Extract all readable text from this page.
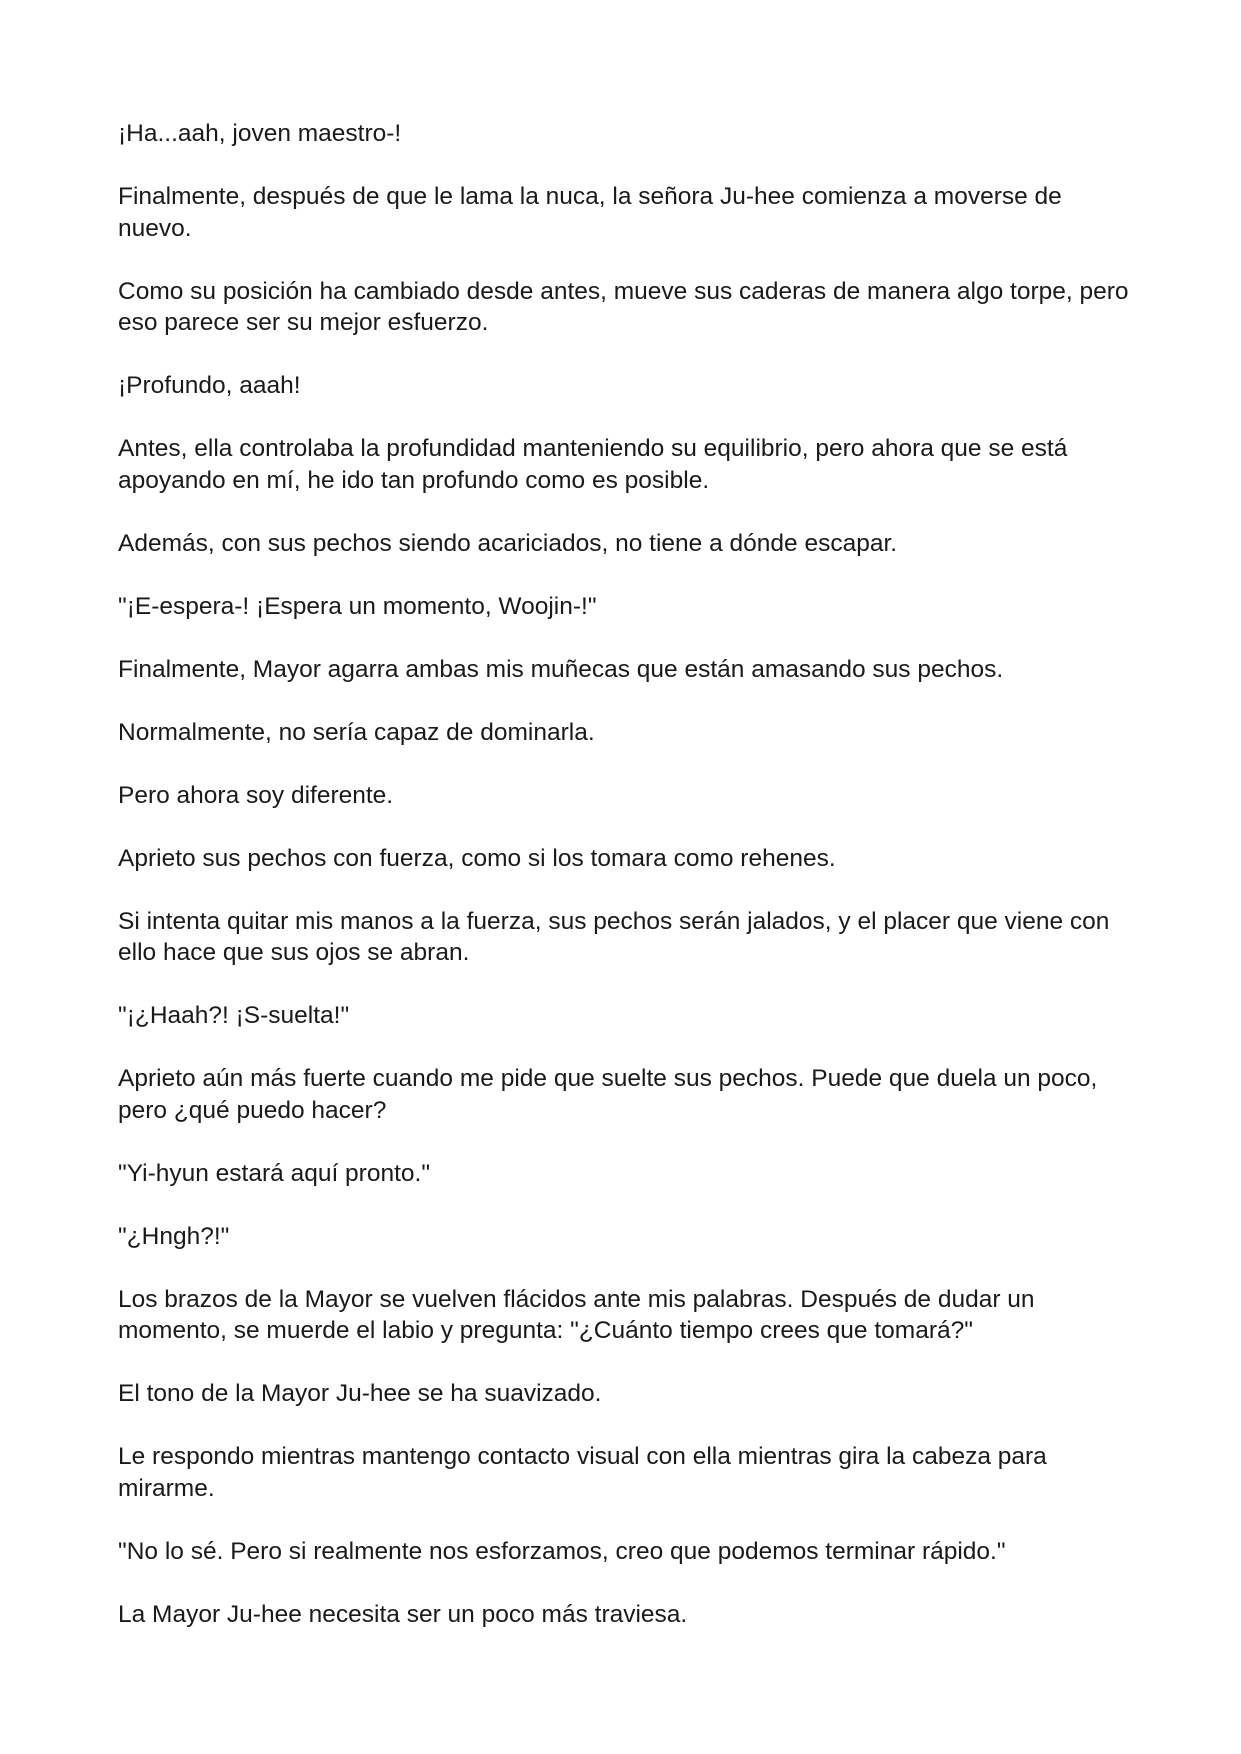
¡Ha...aah, joven maestro-!

Finalmente, después de que le lama la nuca, la señora Ju-hee comienza a moverse de nuevo.

Como su posición ha cambiado desde antes, mueve sus caderas de manera algo torpe, pero eso parece ser su mejor esfuerzo.

¡Profundo, aaah!

Antes, ella controlaba la profundidad manteniendo su equilibrio, pero ahora que se está apoyando en mí, he ido tan profundo como es posible.

Además, con sus pechos siendo acariciados, no tiene a dónde escapar.

"¡E-espera-! ¡Espera un momento, Woojin-!"

Finalmente, Mayor agarra ambas mis muñecas que están amasando sus pechos.

Normalmente, no sería capaz de dominarla.

Pero ahora soy diferente.

Aprieto sus pechos con fuerza, como si los tomara como rehenes.

Si intenta quitar mis manos a la fuerza, sus pechos serán jalados, y el placer que viene con ello hace que sus ojos se abran.

"¡¿Haah?! ¡S-suelta!"

Aprieto aún más fuerte cuando me pide que suelte sus pechos. Puede que duela un poco, pero ¿qué puedo hacer?

"Yi-hyun estará aquí pronto."

"¿Hngh?!"

Los brazos de la Mayor se vuelven flácidos ante mis palabras. Después de dudar un momento, se muerde el labio y pregunta: "¿Cuánto tiempo crees que tomará?"

El tono de la Mayor Ju-hee se ha suavizado.

Le respondo mientras mantengo contacto visual con ella mientras gira la cabeza para mirarme.

"No lo sé. Pero si realmente nos esforzamos, creo que podemos terminar rápido."

La Mayor Ju-hee necesita ser un poco más traviesa.
